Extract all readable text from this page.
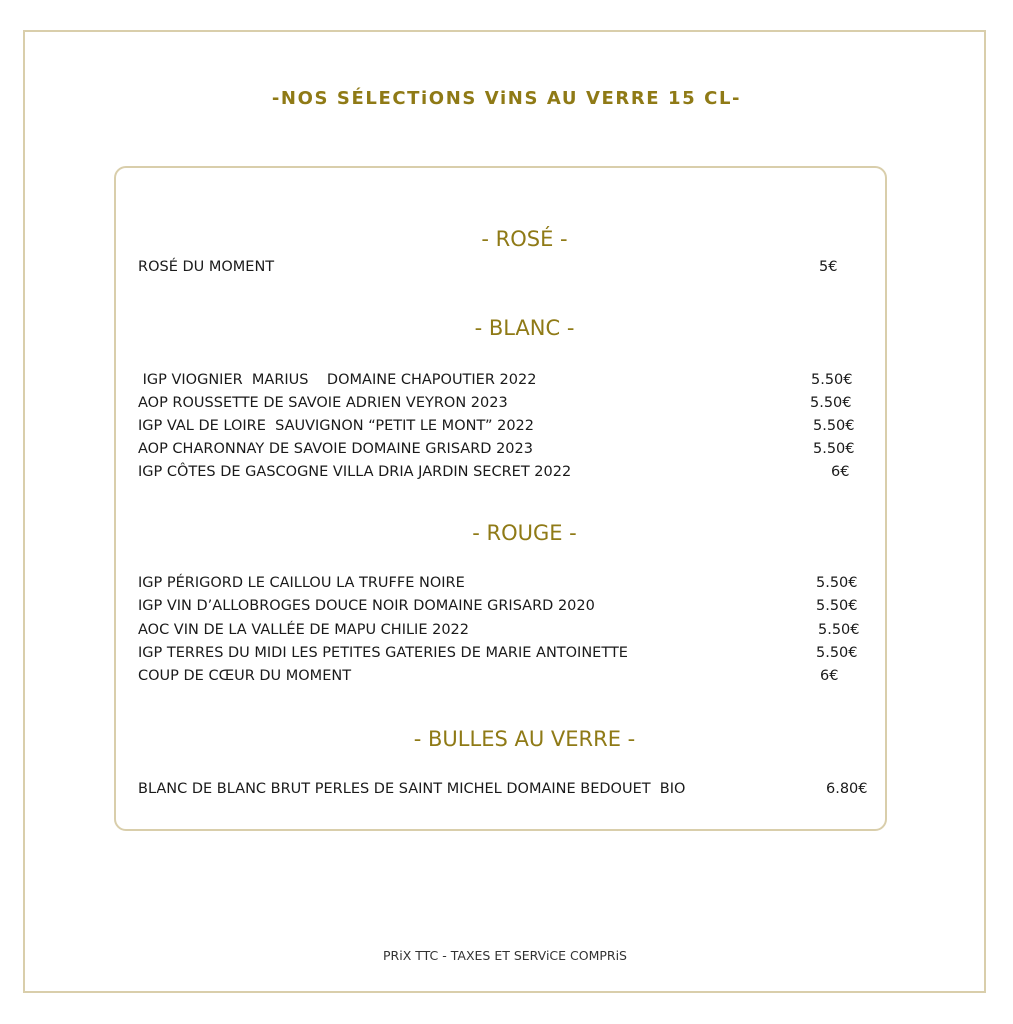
-NOS SÉLECTiONS ViNS AU VERRE 15 CL-
- ROSÉ -
ROSÉ DU MOMENT	5€
- BLANC -
IGP VIOGNIER  MARIUS    DOMAINE CHAPOUTIER 2022	5.50€
AOP ROUSSETTE DE SAVOIE ADRIEN VEYRON 2023	5.50€
IGP VAL DE LOIRE  SAUVIGNON “PETIT LE MONT” 2022	5.50€
AOP CHARONNAY DE SAVOIE DOMAINE GRISARD 2023	5.50€
IGP CÔTES DE GASCOGNE VILLA DRIA JARDIN SECRET 2022	6€
- ROUGE -
IGP PÉRIGORD LE CAILLOU LA TRUFFE NOIRE	5.50€
IGP VIN D’ALLOBROGES DOUCE NOIR DOMAINE GRISARD 2020	5.50€
AOC VIN DE LA VALLÉE DE MAPU CHILIE 2022	5.50€
IGP TERRES DU MIDI LES PETITES GATERIES DE MARIE ANTOINETTE	5.50€
COUP DE CŒUR DU MOMENT	6€
- BULLES AU VERRE -
BLANC DE BLANC BRUT PERLES DE SAINT MICHEL DOMAINE BEDOUET  BIO	6.80€
PRiX TTC - TAXES ET SERViCE COMPRiS
